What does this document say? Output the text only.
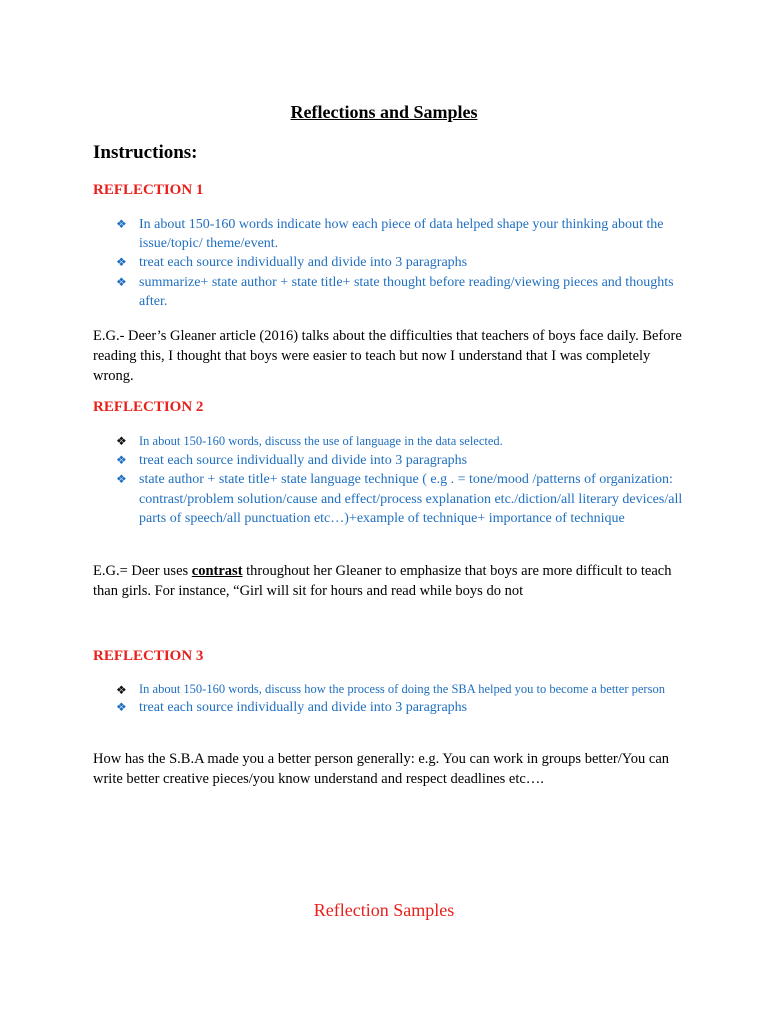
Reflections and Samples
Instructions:
REFLECTION 1
❖ In about 150-160 words indicate how each piece of data helped shape your thinking about the issue/topic/ theme/event.
❖ treat each source individually and divide into 3 paragraphs
❖ summarize+ state author + state title+ state thought before reading/viewing pieces and thoughts after.
E.G.- Deer’s Gleaner article (2016) talks about the difficulties that teachers of boys face daily. Before reading this, I thought that boys were easier to teach but now I understand that I was completely wrong.
REFLECTION 2
❖ In about 150-160 words, discuss the use of language in the data selected.
❖ treat each source individually and divide into 3 paragraphs
❖ state author + state title+ state language technique ( e.g . = tone/mood /patterns of organization: contrast/problem solution/cause and effect/process explanation etc./diction/all literary devices/all parts of speech/all punctuation etc…)+example of technique+ importance of technique
E.G.= Deer uses contrast throughout her Gleaner to emphasize that boys are more difficult to teach than girls. For instance, “Girl will sit for hours and read while boys do not
REFLECTION 3
❖ In about 150-160 words, discuss how the process of doing the SBA helped you to become a better person
❖ treat each source individually and divide into 3 paragraphs
How has the S.B.A made you a better person generally: e.g. You can work in groups better/You can write better creative pieces/you know understand and respect deadlines etc….
Reflection Samples
